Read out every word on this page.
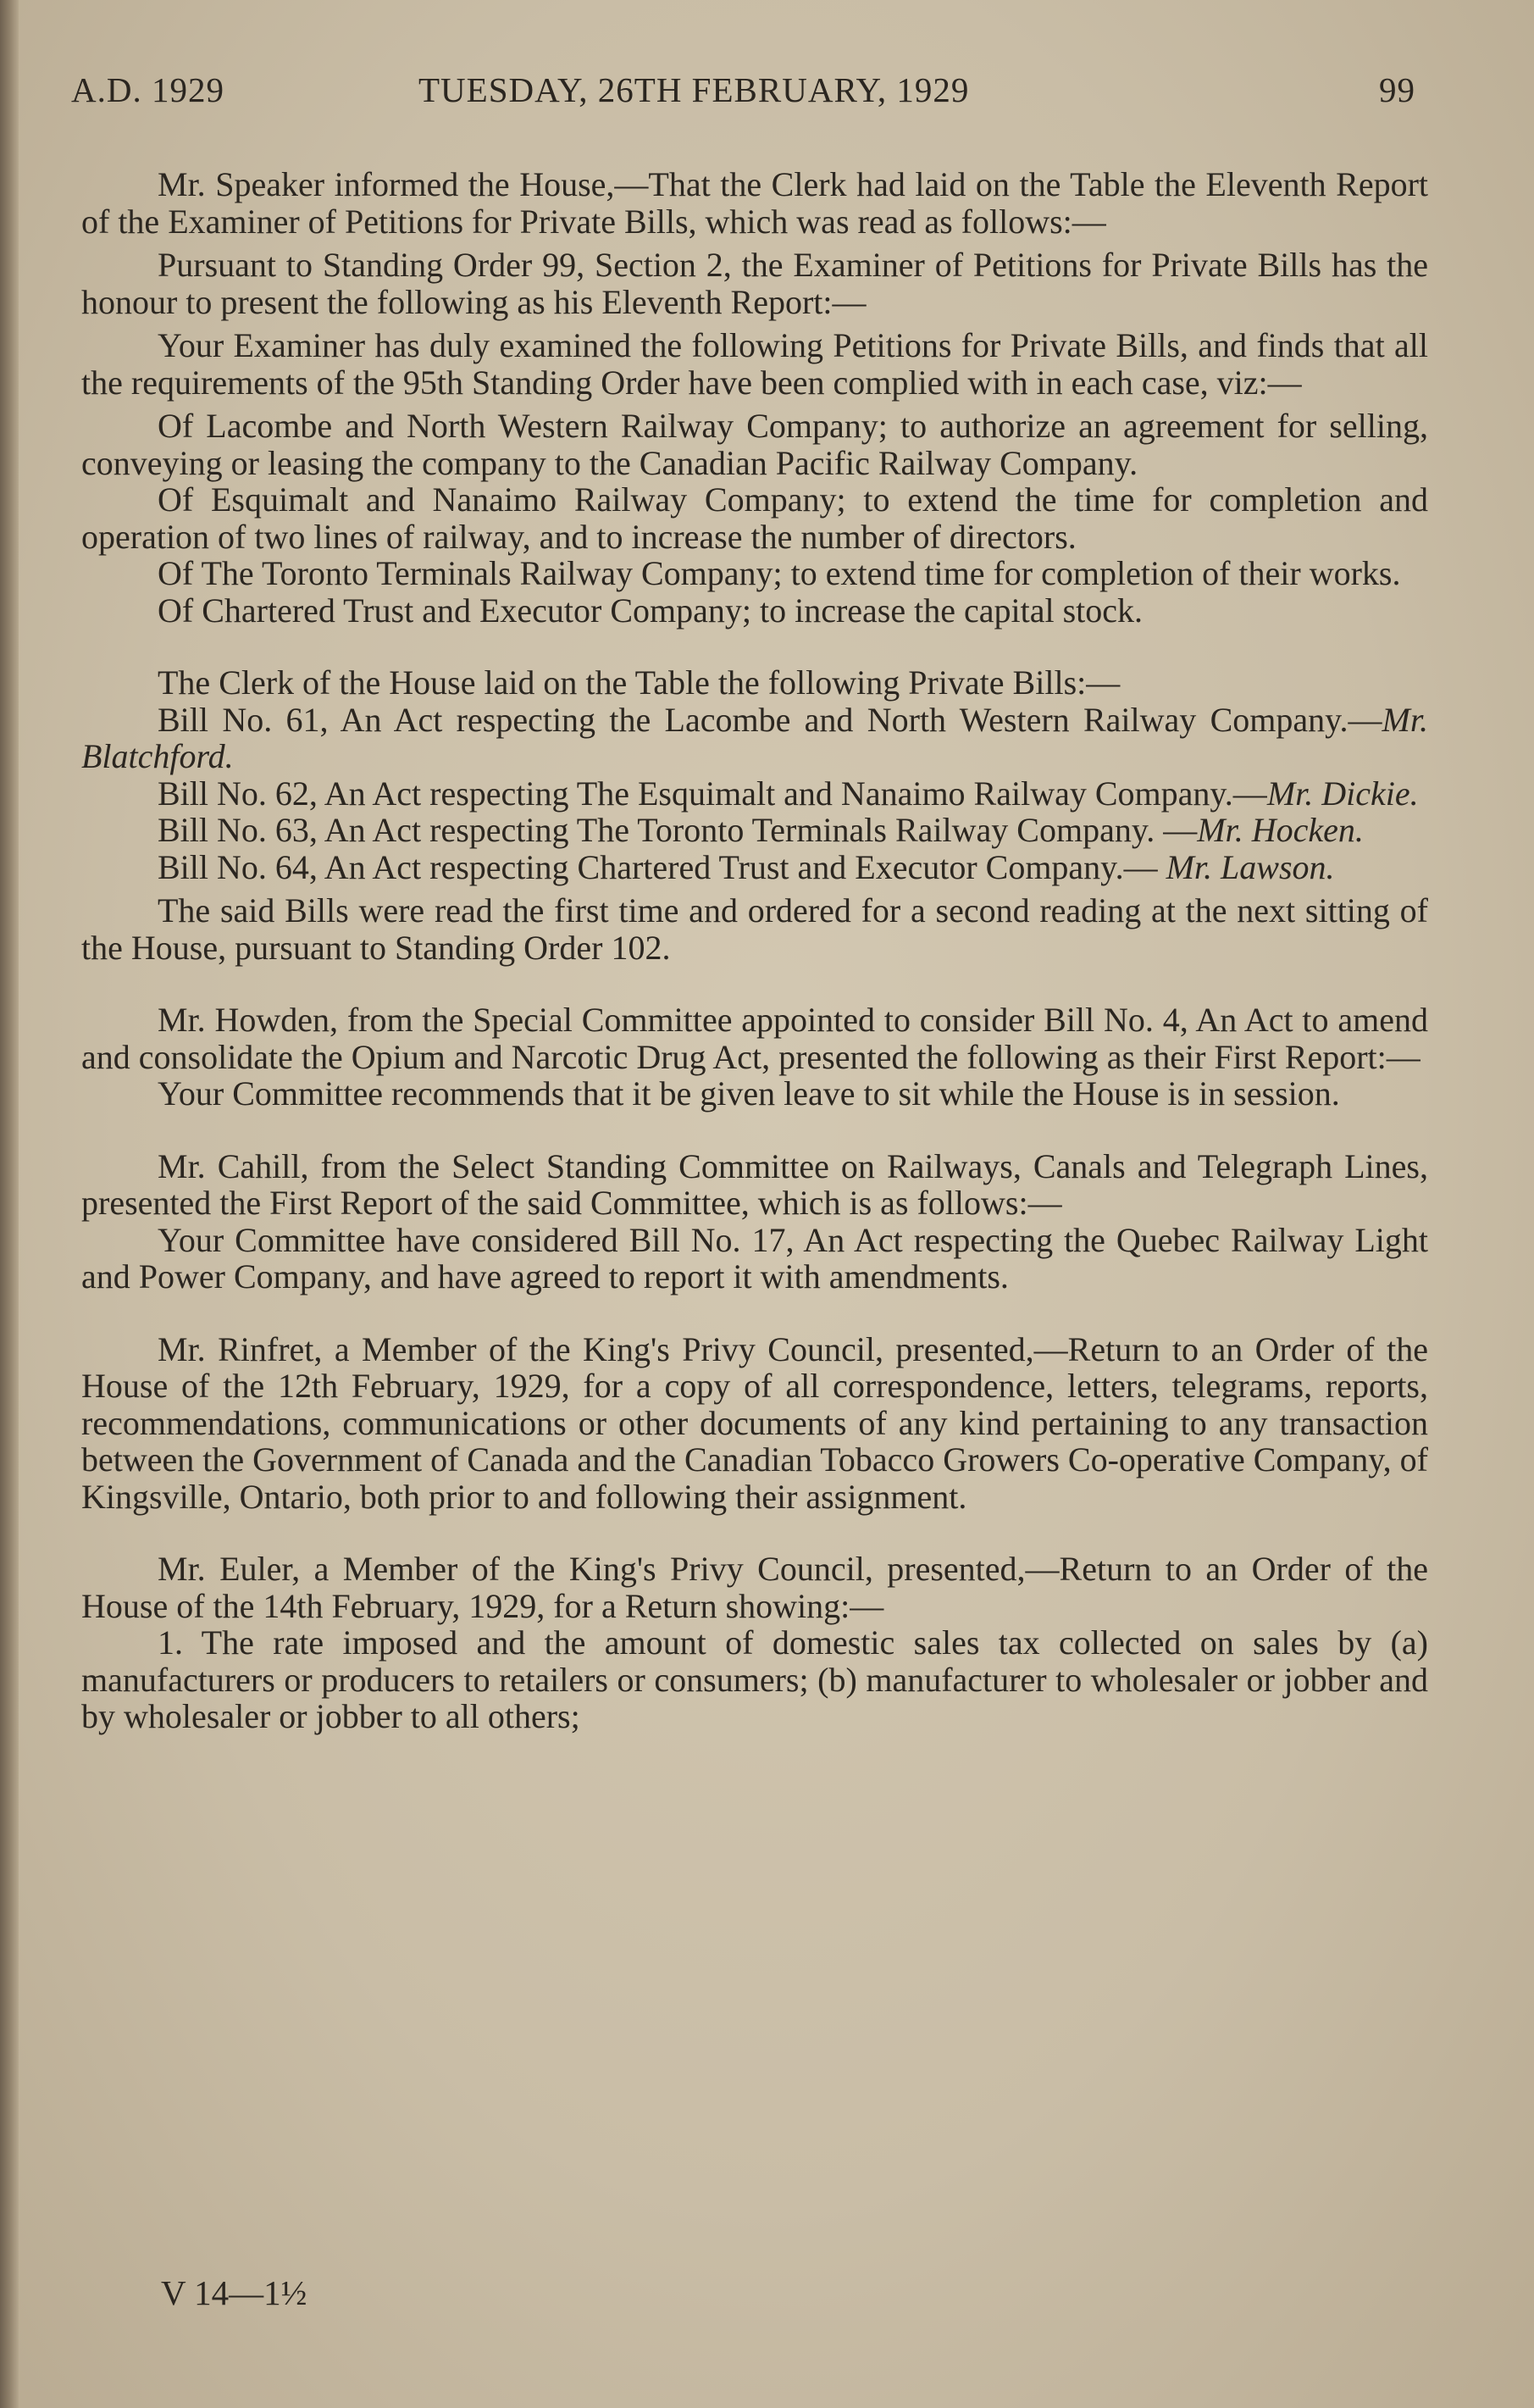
A.D. 1929	TUESDAY, 26TH FEBRUARY, 1929	99

Mr. Speaker informed the House,—That the Clerk had laid on the Table the Eleventh Report of the Examiner of Petitions for Private Bills, which was read as follows:—

Pursuant to Standing Order 99, Section 2, the Examiner of Petitions for Private Bills has the honour to present the following as his Eleventh Report:—

Your Examiner has duly examined the following Petitions for Private Bills, and finds that all the requirements of the 95th Standing Order have been complied with in each case, viz:—

Of Lacombe and North Western Railway Company; to authorize an agreement for selling, conveying or leasing the company to the Canadian Pacific Railway Company.

Of Esquimalt and Nanaimo Railway Company; to extend the time for completion and operation of two lines of railway, and to increase the number of directors.

Of The Toronto Terminals Railway Company; to extend time for completion of their works.

Of Chartered Trust and Executor Company; to increase the capital stock.

The Clerk of the House laid on the Table the following Private Bills:—

Bill No. 61, An Act respecting the Lacombe and North Western Railway Company.—Mr. Blatchford.

Bill No. 62, An Act respecting The Esquimalt and Nanaimo Railway Company.—Mr. Dickie.

Bill No. 63, An Act respecting The Toronto Terminals Railway Company. —Mr. Hocken.

Bill No. 64, An Act respecting Chartered Trust and Executor Company.— Mr. Lawson.

The said Bills were read the first time and ordered for a second reading at the next sitting of the House, pursuant to Standing Order 102.

Mr. Howden, from the Special Committee appointed to consider Bill No. 4, An Act to amend and consolidate the Opium and Narcotic Drug Act, presented the following as their First Report:—

Your Committee recommends that it be given leave to sit while the House is in session.

Mr. Cahill, from the Select Standing Committee on Railways, Canals and Telegraph Lines, presented the First Report of the said Committee, which is as follows:—

Your Committee have considered Bill No. 17, An Act respecting the Quebec Railway Light and Power Company, and have agreed to report it with amendments.

Mr. Rinfret, a Member of the King's Privy Council, presented,—Return to an Order of the House of the 12th February, 1929, for a copy of all correspondence, letters, telegrams, reports, recommendations, communications or other documents of any kind pertaining to any transaction between the Government of Canada and the Canadian Tobacco Growers Co-operative Company, of Kingsville, Ontario, both prior to and following their assignment.

Mr. Euler, a Member of the King's Privy Council, presented,—Return to an Order of the House of the 14th February, 1929, for a Return showing:—

1. The rate imposed and the amount of domestic sales tax collected on sales by (a) manufacturers or producers to retailers or consumers; (b) manufacturer to wholesaler or jobber and by wholesaler or jobber to all others;

V 14—1½
